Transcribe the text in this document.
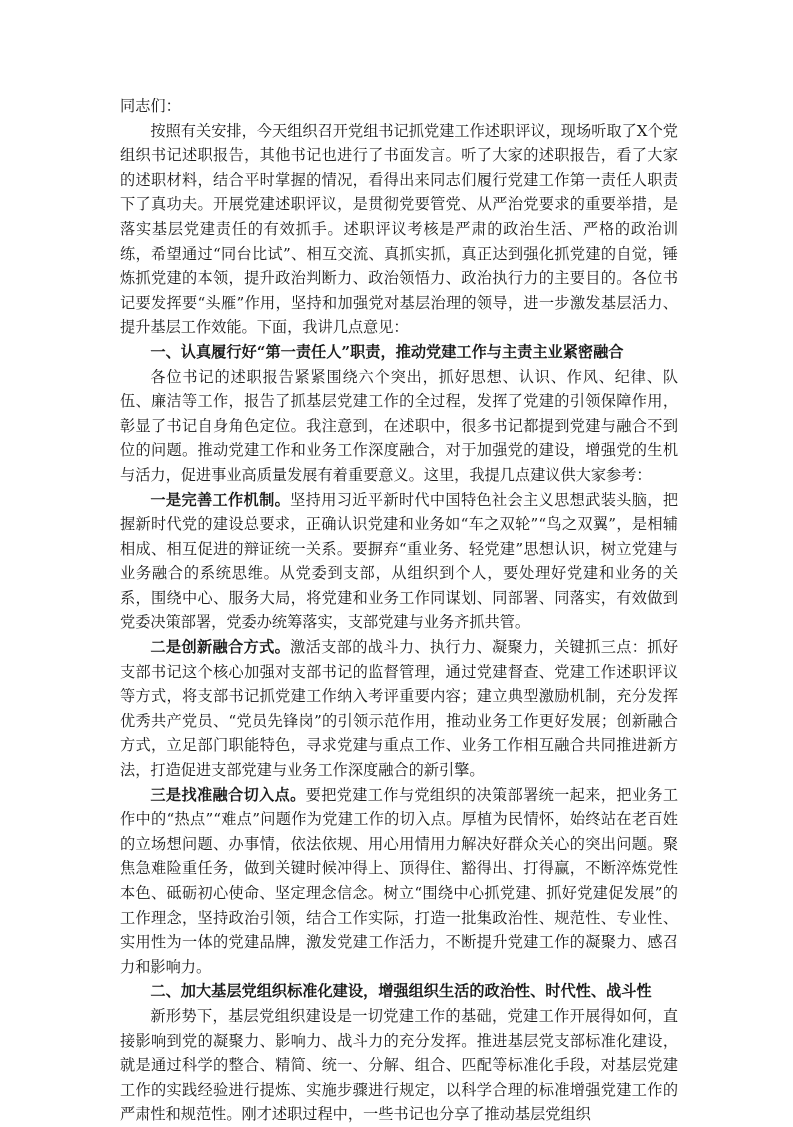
同志们：

按照有关安排，今天组织召开党组书记抓党建工作述职评议，现场听取了X个党组织书记述职报告，其他书记也进行了书面发言。听了大家的述职报告，看了大家的述职材料，结合平时掌握的情况，看得出来同志们履行党建工作第一责任人职责下了真功夫。开展党建述职评议，是贯彻党要管党、从严治党要求的重要举措，是落实基层党建责任的有效抓手。述职评议考核是严肃的政治生活、严格的政治训练，希望通过“同台比试”、相互交流、真抓实抓，真正达到强化抓党建的自觉，锤炼抓党建的本领，提升政治判断力、政治领悟力、政治执行力的主要目的。各位书记要发挥要“头雁”作用，坚持和加强党对基层治理的领导，进一步激发基层活力、提升基层工作效能。下面，我讲几点意见：

一、认真履行好“第一责任人”职责，推动党建工作与主责主业紧密融合

各位书记的述职报告紧紧围绕六个突出，抓好思想、认识、作风、纪律、队伍、廉洁等工作，报告了抓基层党建工作的全过程，发挥了党建的引领保障作用，彰显了书记自身角色定位。我注意到，在述职中，很多书记都提到党建与融合不到位的问题。推动党建工作和业务工作深度融合，对于加强党的建设，增强党的生机与活力，促进事业高质量发展有着重要意义。这里，我提几点建议供大家参考：

一是完善工作机制。坚持用习近平新时代中国特色社会主义思想武装头脑，把握新时代党的建设总要求，正确认识党建和业务如“车之双轮”“鸟之双翼”，是相辅相成、相互促进的辩证统一关系。要摒弃“重业务、轻党建”思想认识，树立党建与业务融合的系统思维。从党委到支部，从组织到个人，要处理好党建和业务的关系，围绕中心、服务大局，将党建和业务工作同谋划、同部署、同落实，有效做到党委决策部署，党委办统筹落实，支部党建与业务齐抓共管。

二是创新融合方式。激活支部的战斗力、执行力、凝聚力，关键抓三点：抓好支部书记这个核心加强对支部书记的监督管理，通过党建督查、党建工作述职评议等方式，将支部书记抓党建工作纳入考评重要内容；建立典型激励机制，充分发挥优秀共产党员、“党员先锋岗”的引领示范作用，推动业务工作更好发展；创新融合方式，立足部门职能特色，寻求党建与重点工作、业务工作相互融合共同推进新方法，打造促进支部党建与业务工作深度融合的新引擎。

三是找准融合切入点。要把党建工作与党组织的决策部署统一起来，把业务工作中的“热点”“难点”问题作为党建工作的切入点。厚植为民情怀，始终站在老百姓的立场想问题、办事情，依法依规、用心用情用力解决好群众关心的突出问题。聚焦急难险重任务，做到关键时候冲得上、顶得住、豁得出、打得赢，不断淬炼党性本色、砥砺初心使命、坚定理念信念。树立“围绕中心抓党建、抓好党建促发展”的工作理念，坚持政治引领，结合工作实际，打造一批集政治性、规范性、专业性、实用性为一体的党建品牌，激发党建工作活力，不断提升党建工作的凝聚力、感召力和影响力。

二、加大基层党组织标准化建设，增强组织生活的政治性、时代性、战斗性

新形势下，基层党组织建设是一切党建工作的基础，党建工作开展得如何，直接影响到党的凝聚力、影响力、战斗力的充分发挥。推进基层党支部标准化建设，就是通过科学的整合、精简、统一、分解、组合、匹配等标准化手段，对基层党建工作的实践经验进行提炼、实施步骤进行规定，以科学合理的标准增强党建工作的严肃性和规范性。刚才述职过程中，一些书记也分享了推动基层党组织
